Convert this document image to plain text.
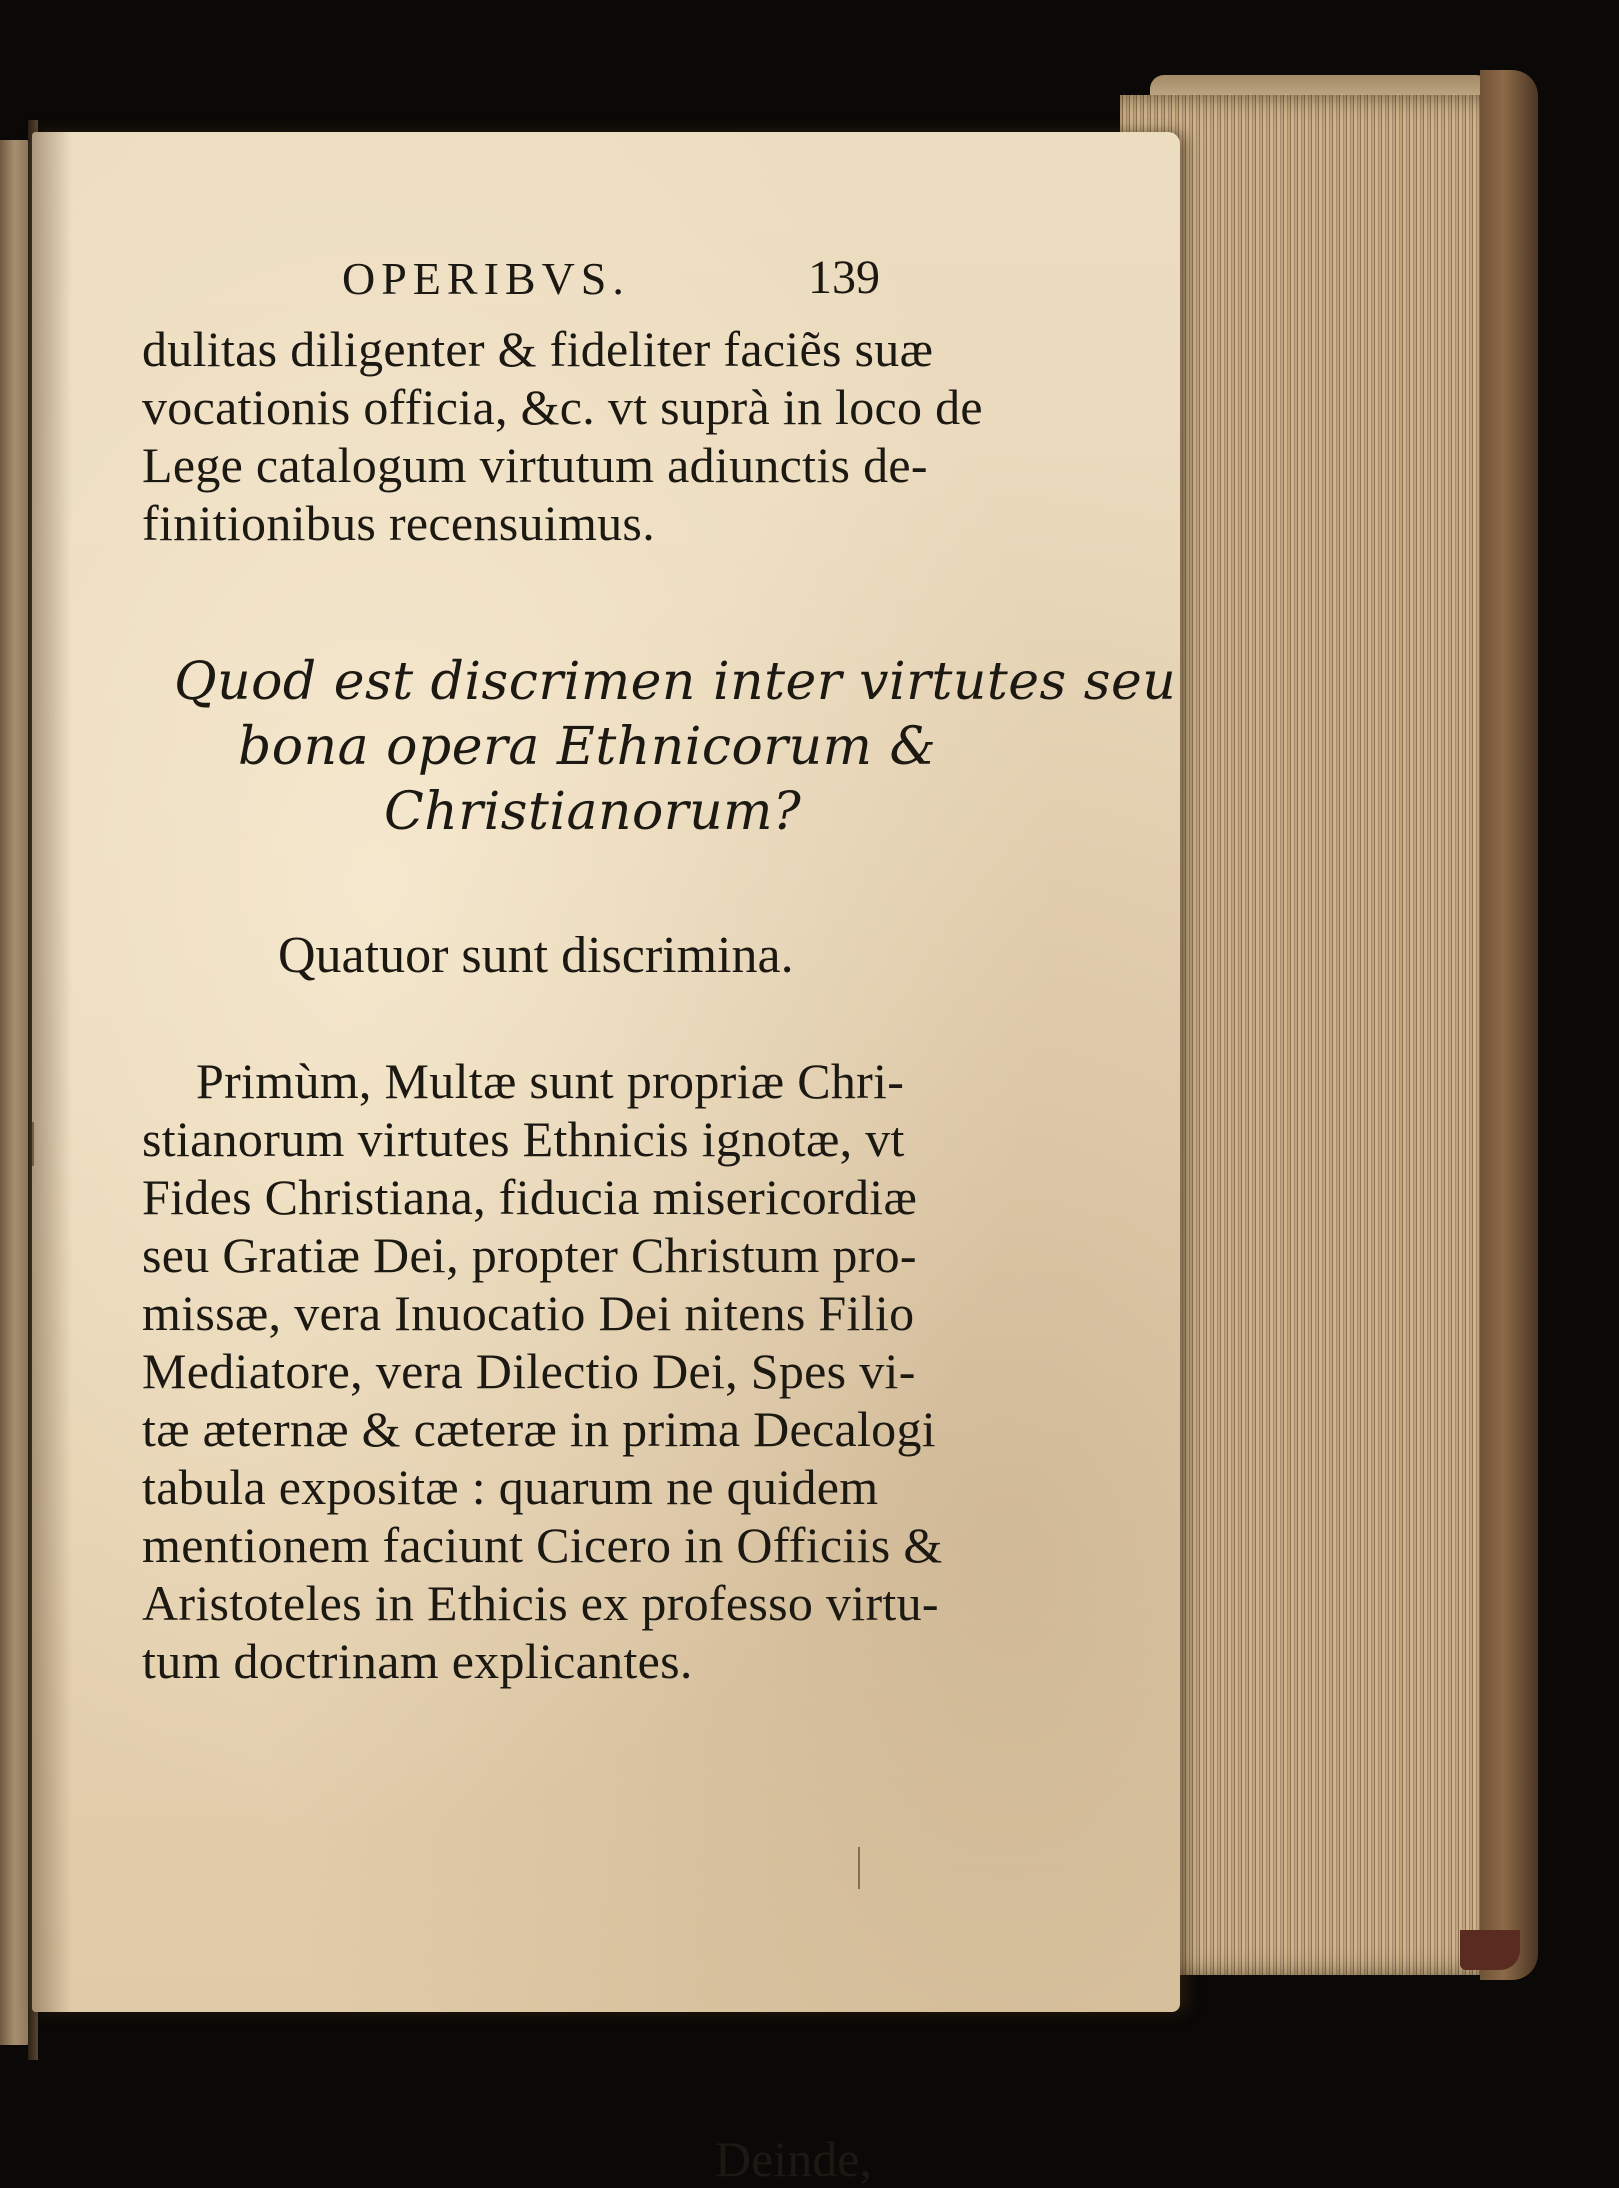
OPERIBVS.	139
dulitas diligenter & fideliter faciẽs suæ
vocationis officia, &c. vt suprà in loco de
Lege catalogum virtutum adiunctis de-
finitionibus recensuimus.
Quod est discrimen inter virtutes seu
bona opera Ethnicorum &
Christianorum?
Quatuor sunt discrimina.
Primùm, Multæ sunt propriæ Chri-
stianorum virtutes Ethnicis ignotæ, vt
Fides Christiana, fiducia misericordiæ
seu Gratiæ Dei, propter Christum pro-
missæ, vera Inuocatio Dei nitens Filio
Mediatore, vera Dilectio Dei, Spes vi-
tæ æternæ & cæteræ in prima Decalogi
tabula expositæ : quarum ne quidem
mentionem faciunt Cicero in Officiis &
Aristoteles in Ethicis ex professo virtu-
tum doctrinam explicantes.
Deinde,
